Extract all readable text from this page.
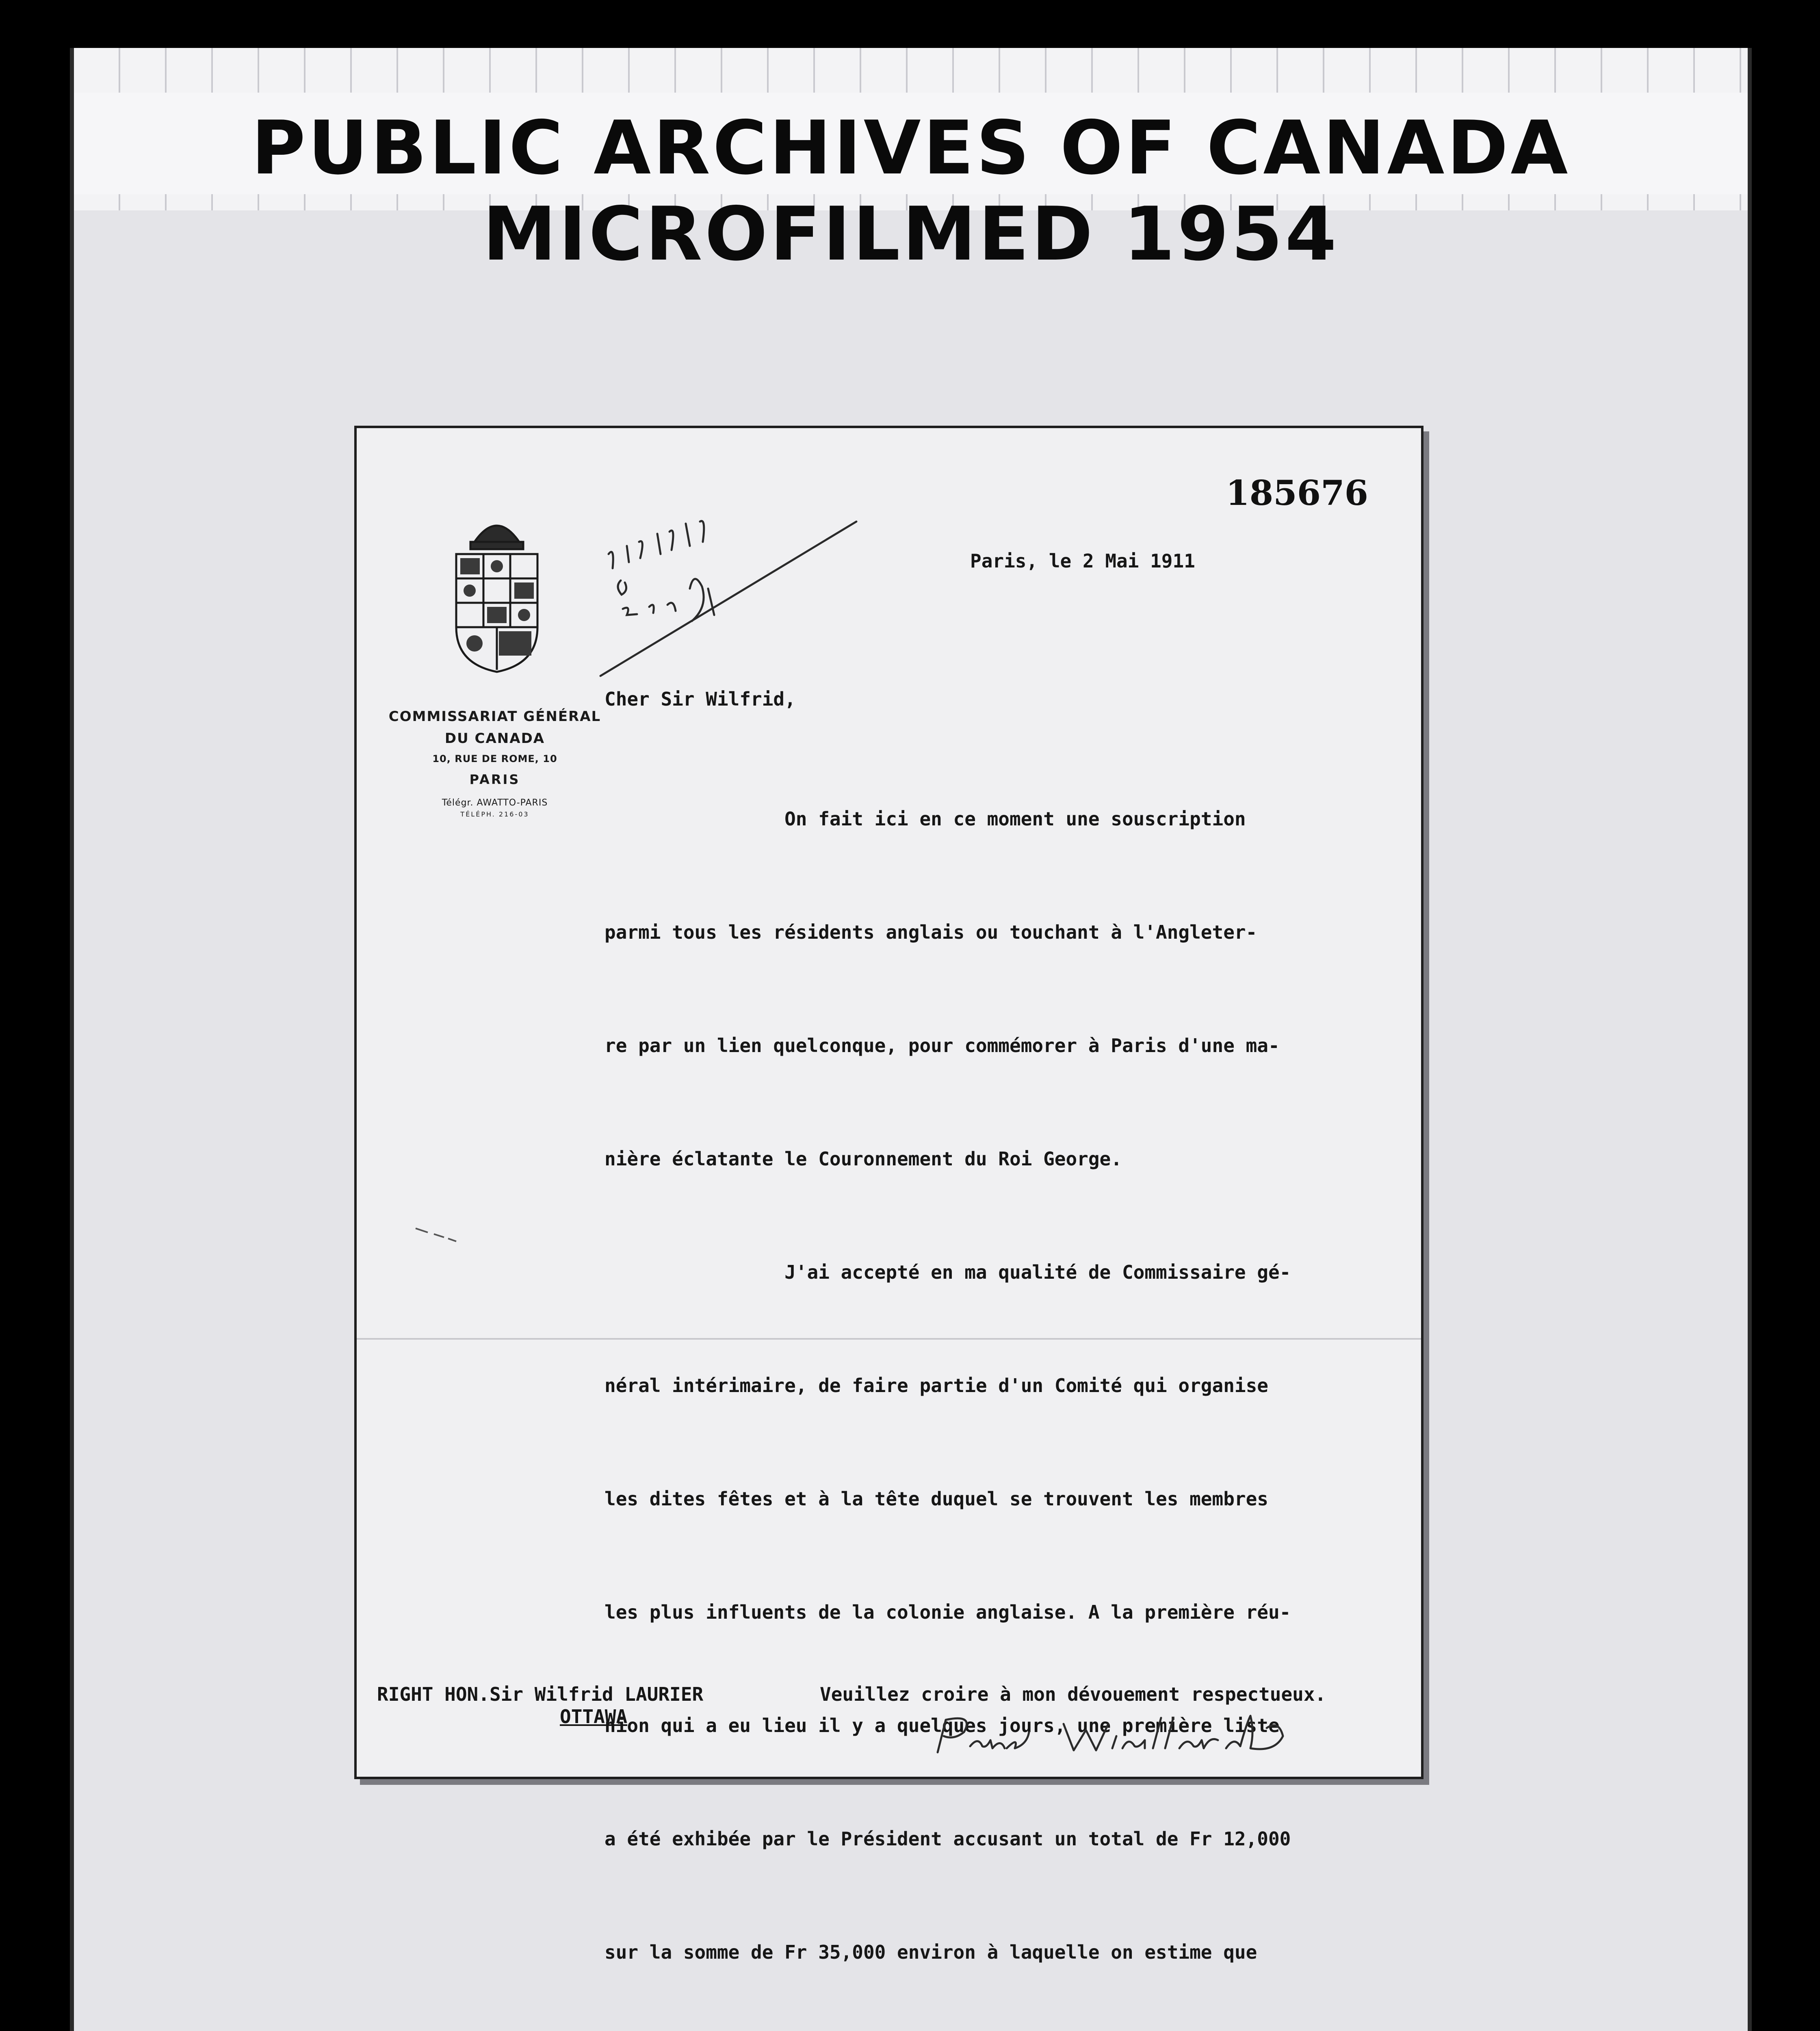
PUBLIC ARCHIVES OF CANADA MICROFILMED 1954
185676
COMMISSARIAT GÉNÉRAL
DU CANADA
10, RUE DE ROME, 10
PARIS
Télégr. AWATTO-PARIS
TÉLÉPH. 216-03
Paris, le 2 Mai 1911
Cher Sir Wilfrid,

On fait ici en ce moment une souscription

parmi tous les résidents anglais ou touchant à l'Angleter-

re par un lien quelconque, pour commémorer à Paris d'une ma-

nière éclatante le Couronnement du Roi George.

J'ai accepté en ma qualité de Commissaire gé-

néral intérimaire, de faire partie d'un Comité qui organise

les dites fêtes et à la tête duquel se trouvent les membres

les plus influents de la colonie anglaise. A la première réu-

nion qui a eu lieu il y a quelques jours, une première liste

a été exhibée par le Président accusant un total de Fr 12,000

sur la somme de Fr 35,000 environ à laquelle on estime que

RIGHT HON.Sir Wilfrid LAURIER
OTTAWA
Veuillez croire à mon dévouement respectueux.
